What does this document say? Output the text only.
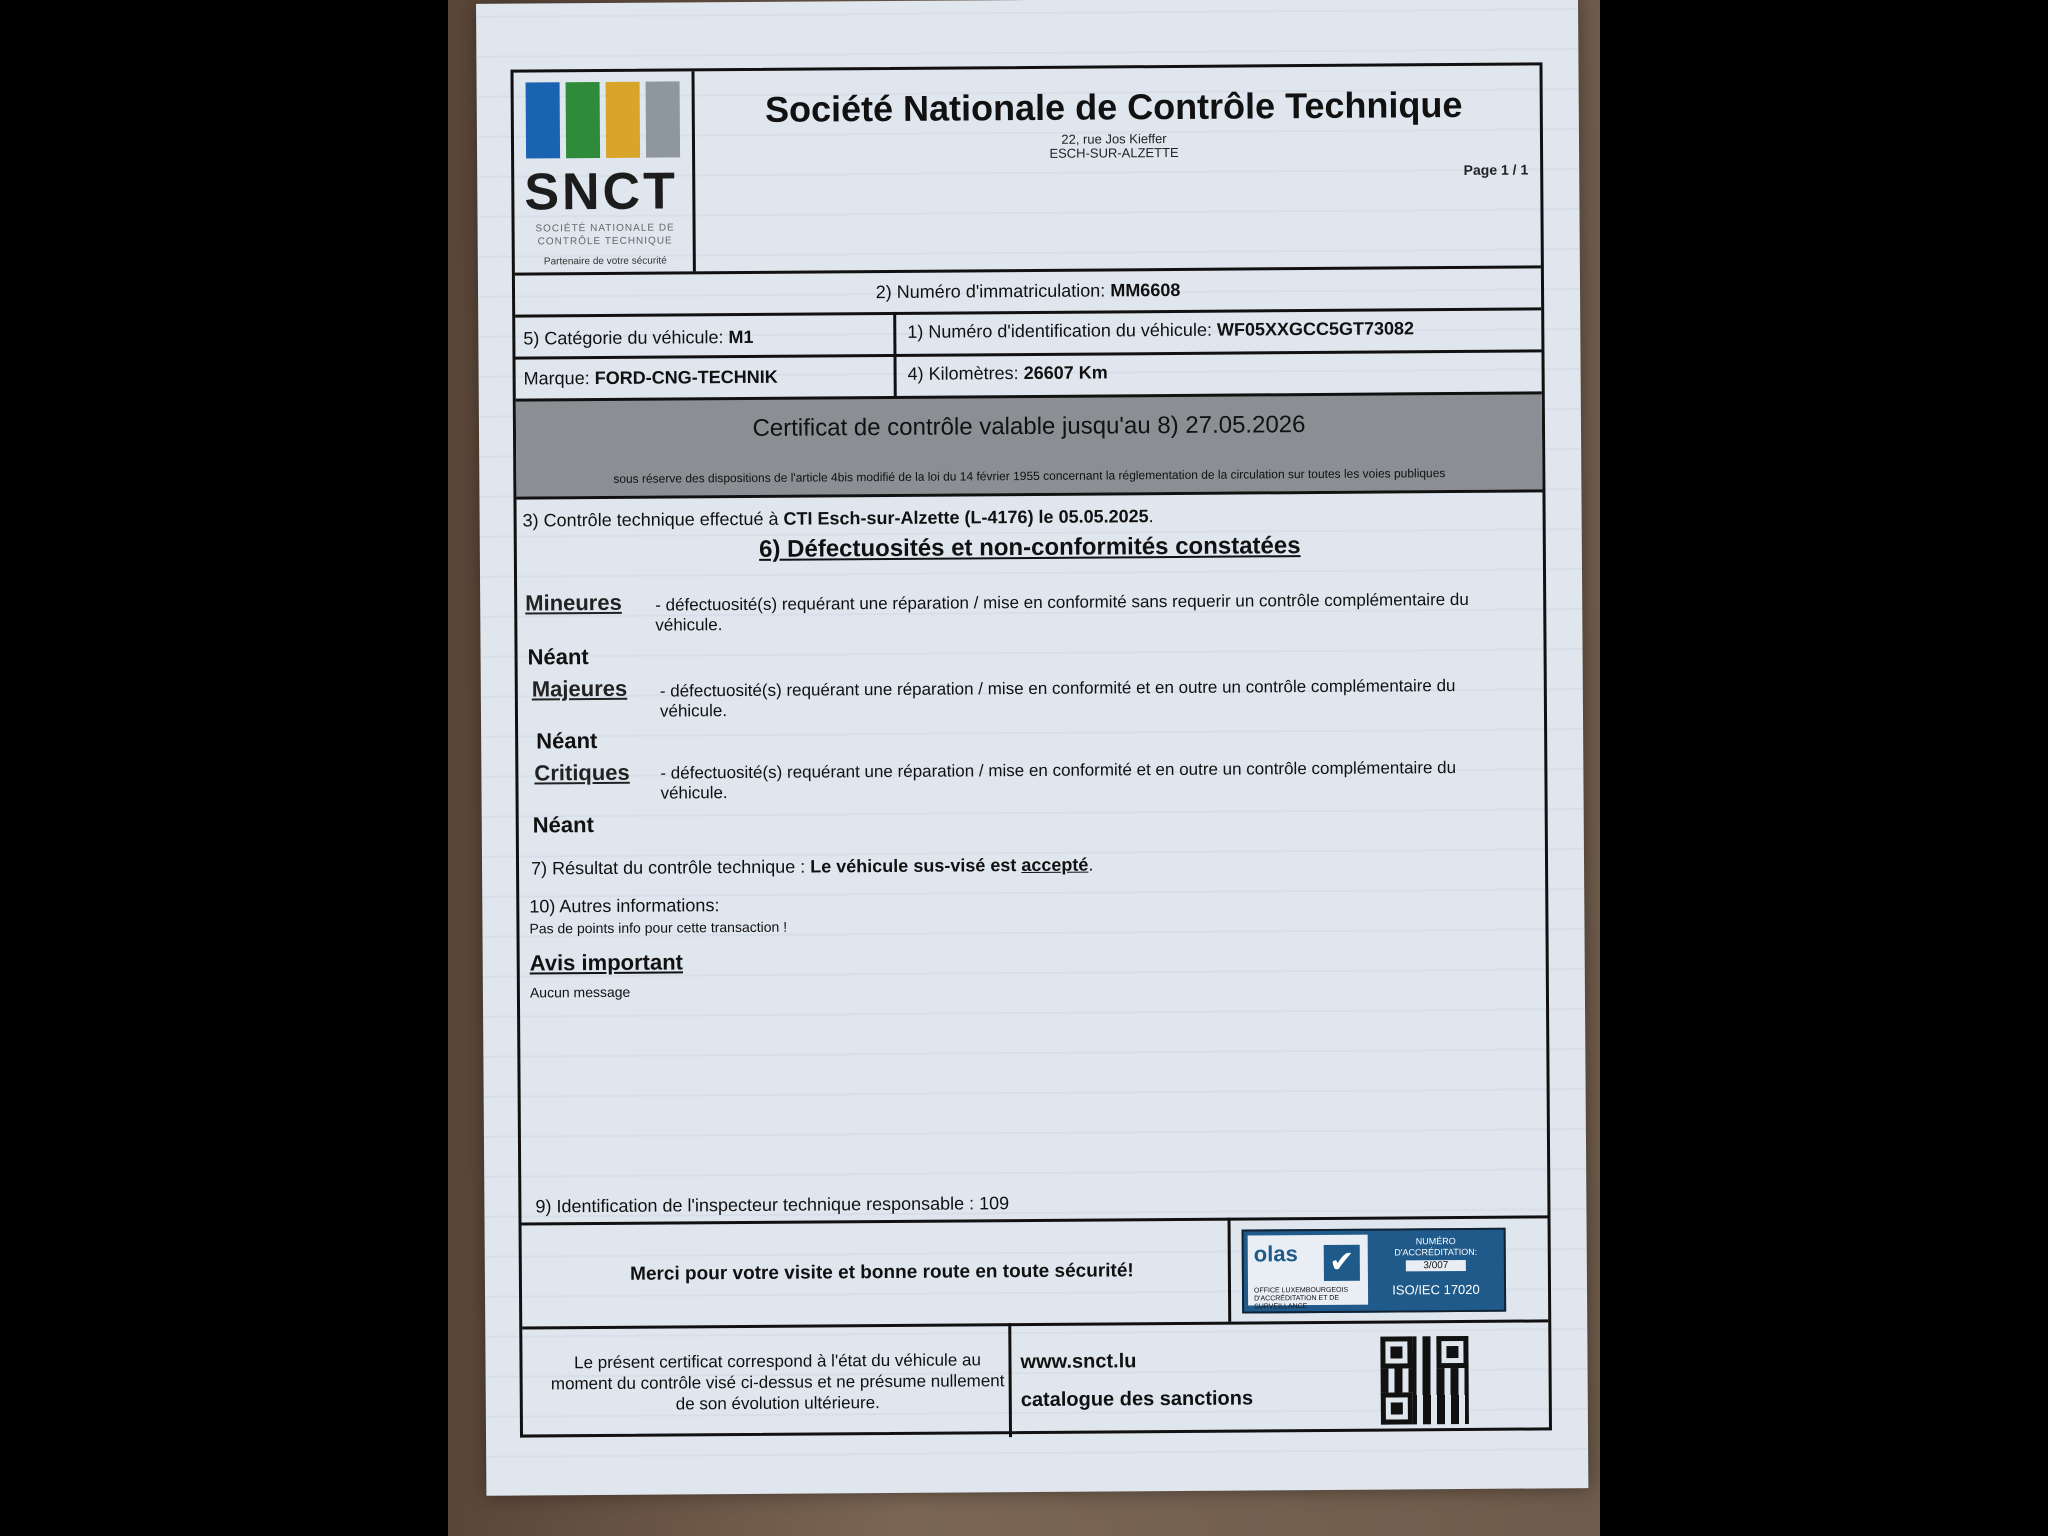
SNCT
SOCIÉTÉ NATIONALE DE CONTRÔLE TECHNIQUE
Partenaire de votre sécurité
Société Nationale de Contrôle Technique
22, rue Jos Kieffer
ESCH-SUR-ALZETTE
Page 1 / 1
2) Numéro d'immatriculation: MM6608
5) Catégorie du véhicule: M1	1) Numéro d'identification du véhicule: WF05XXGCC5GT73082
Marque: FORD-CNG-TECHNIK	4) Kilomètres: 26607 Km
Certificat de contrôle valable jusqu'au 8) 27.05.2026
sous réserve des dispositions de l'article 4bis modifié de la loi du 14 février 1955 concernant la réglementation de la circulation sur toutes les voies publiques
3) Contrôle technique effectué à CTI Esch-sur-Alzette (L-4176) le 05.05.2025.
6) Défectuosités et non-conformités constatées
Mineures - défectuosité(s) requérant une réparation / mise en conformité sans requerir un contrôle complémentaire du véhicule.
Néant
Majeures - défectuosité(s) requérant une réparation / mise en conformité et en outre un contrôle complémentaire du véhicule.
Néant
Critiques - défectuosité(s) requérant une réparation / mise en conformité et en outre un contrôle complémentaire du véhicule.
Néant
7) Résultat du contrôle technique : Le véhicule sus-visé est accepté.
10) Autres informations:
Pas de points info pour cette transaction !
Avis important
Aucun message
9) Identification de l'inspecteur technique responsable : 109
Merci pour votre visite et bonne route en toute sécurité!
olas ✔
OFFICE LUXEMBOURGEOIS D'ACCRÉDITATION ET DE SURVEILLANCE
NUMÉRO D'ACCRÉDITATION:
3/007
ISO/IEC 17020
Le présent certificat correspond à l'état du véhicule au moment du contrôle visé ci-dessus et ne présume nullement de son évolution ultérieure.
www.snct.lu
catalogue des sanctions
